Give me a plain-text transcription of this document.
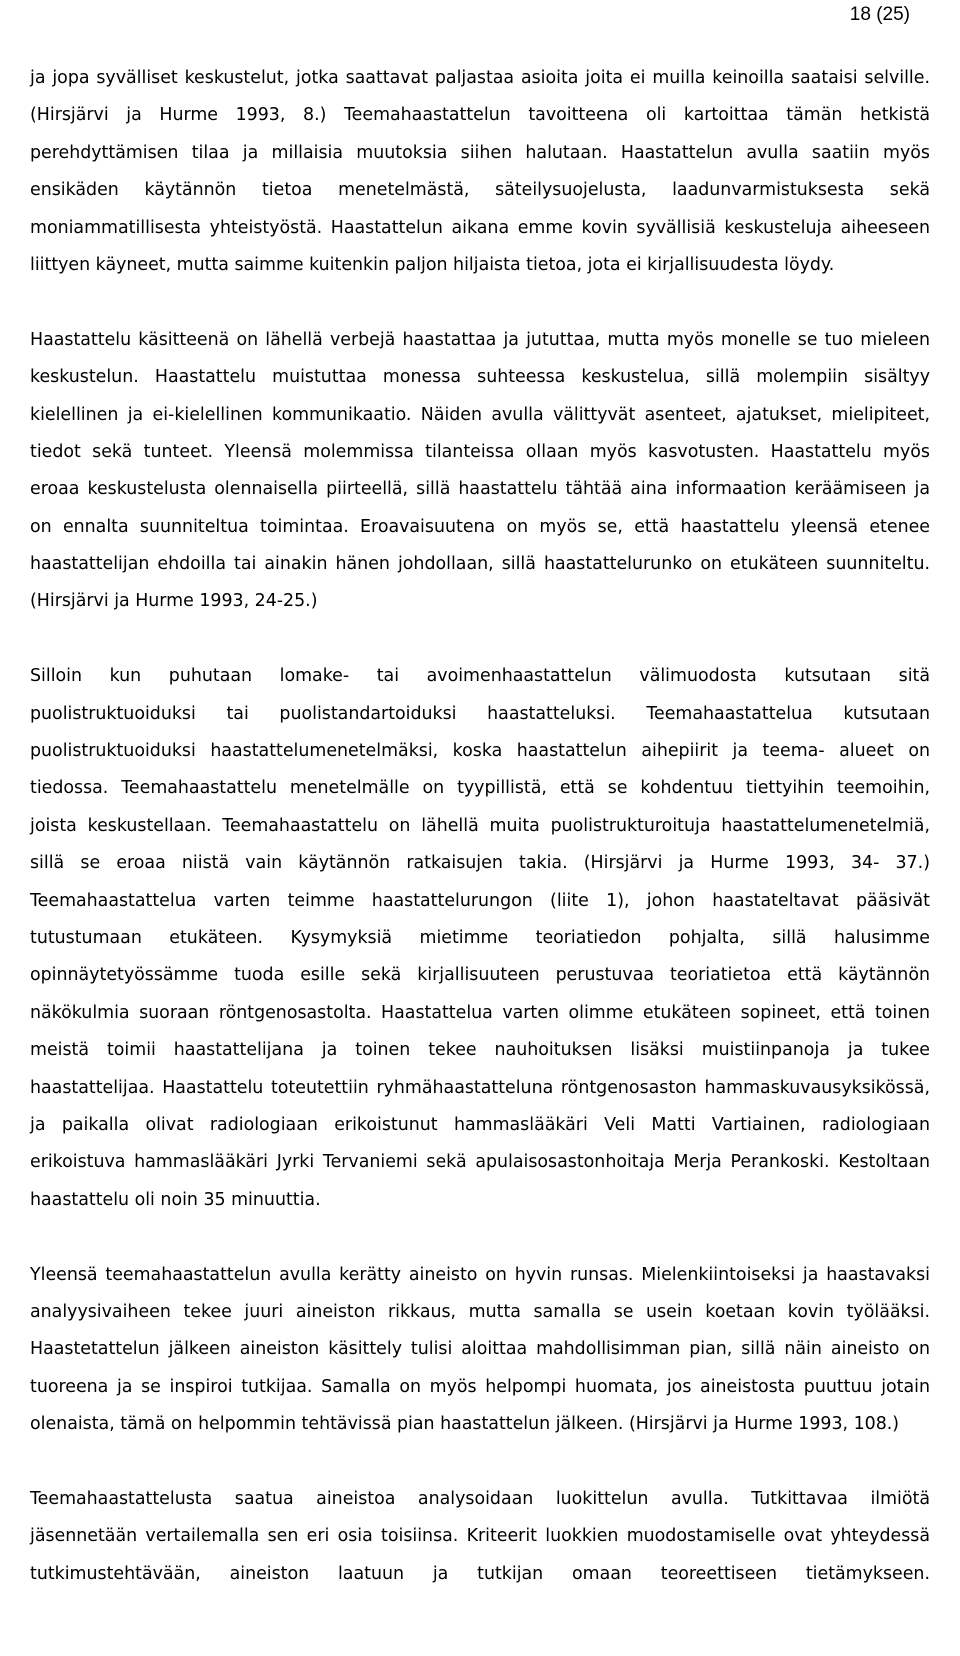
18 (25)

ja jopa syvälliset keskustelut, jotka saattavat paljastaa asioita joita ei muilla keinoilla saataisi selville.
(Hirsjärvi ja Hurme 1993, 8.) Teemahaastattelun tavoitteena oli kartoittaa tämän hetkistä
perehdyttämisen tilaa ja millaisia muutoksia siihen halutaan. Haastattelun avulla saatiin myös
ensikäden käytännön tietoa menetelmästä, säteilysuojelusta, laadunvarmistuksesta sekä
moniammatillisesta yhteistyöstä. Haastattelun aikana emme kovin syvällisiä keskusteluja aiheeseen
liittyen käyneet, mutta saimme kuitenkin paljon hiljaista tietoa, jota ei kirjallisuudesta löydy.

Haastattelu käsitteenä on lähellä verbejä haastattaa ja jututtaa, mutta myös monelle se tuo mieleen
keskustelun. Haastattelu muistuttaa monessa suhteessa keskustelua, sillä molempiin sisältyy
kielellinen ja ei-kielellinen kommunikaatio. Näiden avulla välittyvät asenteet, ajatukset, mielipiteet,
tiedot sekä tunteet. Yleensä molemmissa tilanteissa ollaan myös kasvotusten. Haastattelu myös
eroaa keskustelusta olennaisella piirteellä, sillä haastattelu tähtää aina informaation keräämiseen ja
on ennalta suunniteltua toimintaa. Eroavaisuutena on myös se, että haastattelu yleensä etenee
haastattelijan ehdoilla tai ainakin hänen johdollaan, sillä haastattelurunko on etukäteen suunniteltu.
(Hirsjärvi ja Hurme 1993, 24-25.)

Silloin kun puhutaan lomake- tai avoimenhaastattelun välimuodosta kutsutaan sitä
puolistruktuoiduksi tai puolistandartoiduksi haastatteluksi. Teemahaastattelua kutsutaan
puolistruktuoiduksi haastattelumenetelmäksi, koska haastattelun aihepiirit ja teema- alueet on
tiedossa. Teemahaastattelu menetelmälle on tyypillistä, että se kohdentuu tiettyihin teemoihin,
joista keskustellaan. Teemahaastattelu on lähellä muita puolistrukturoituja haastattelumenetelmiä,
sillä se eroaa niistä vain käytännön ratkaisujen takia. (Hirsjärvi ja Hurme 1993, 34- 37.)
Teemahaastattelua varten teimme haastattelurungon (liite 1), johon haastateltavat pääsivät
tutustumaan etukäteen. Kysymyksiä mietimme teoriatiedon pohjalta, sillä halusimme
opinnäytetyössämme tuoda esille sekä kirjallisuuteen perustuvaa teoriatietoa että käytännön
näkökulmia suoraan röntgenosastolta. Haastattelua varten olimme etukäteen sopineet, että toinen
meistä toimii haastattelijana ja toinen tekee nauhoituksen lisäksi muistiinpanoja ja tukee
haastattelijaa. Haastattelu toteutettiin ryhmähaastatteluna röntgenosaston hammaskuvausyksikössä,
ja paikalla olivat radiologiaan erikoistunut hammaslääkäri Veli Matti Vartiainen, radiologiaan
erikoistuva hammaslääkäri Jyrki Tervaniemi sekä apulaisosastonhoitaja Merja Perankoski. Kestoltaan
haastattelu oli noin 35 minuuttia.

Yleensä teemahaastattelun avulla kerätty aineisto on hyvin runsas. Mielenkiintoiseksi ja haastavaksi
analyysivaiheen tekee juuri aineiston rikkaus, mutta samalla se usein koetaan kovin työlääksi.
Haastetattelun jälkeen aineiston käsittely tulisi aloittaa mahdollisimman pian, sillä näin aineisto on
tuoreena ja se inspiroi tutkijaa. Samalla on myös helpompi huomata, jos aineistosta puuttuu jotain
olenaista, tämä on helpommin tehtävissä pian haastattelun jälkeen. (Hirsjärvi ja Hurme 1993, 108.)

Teemahaastattelusta saatua aineistoa analysoidaan luokittelun avulla. Tutkittavaa ilmiötä
jäsennetään vertailemalla sen eri osia toisiinsa. Kriteerit luokkien muodostamiselle ovat yhteydessä
tutkimustehtävään, aineiston laatuun ja tutkijan omaan teoreettiseen tietämykseen.
